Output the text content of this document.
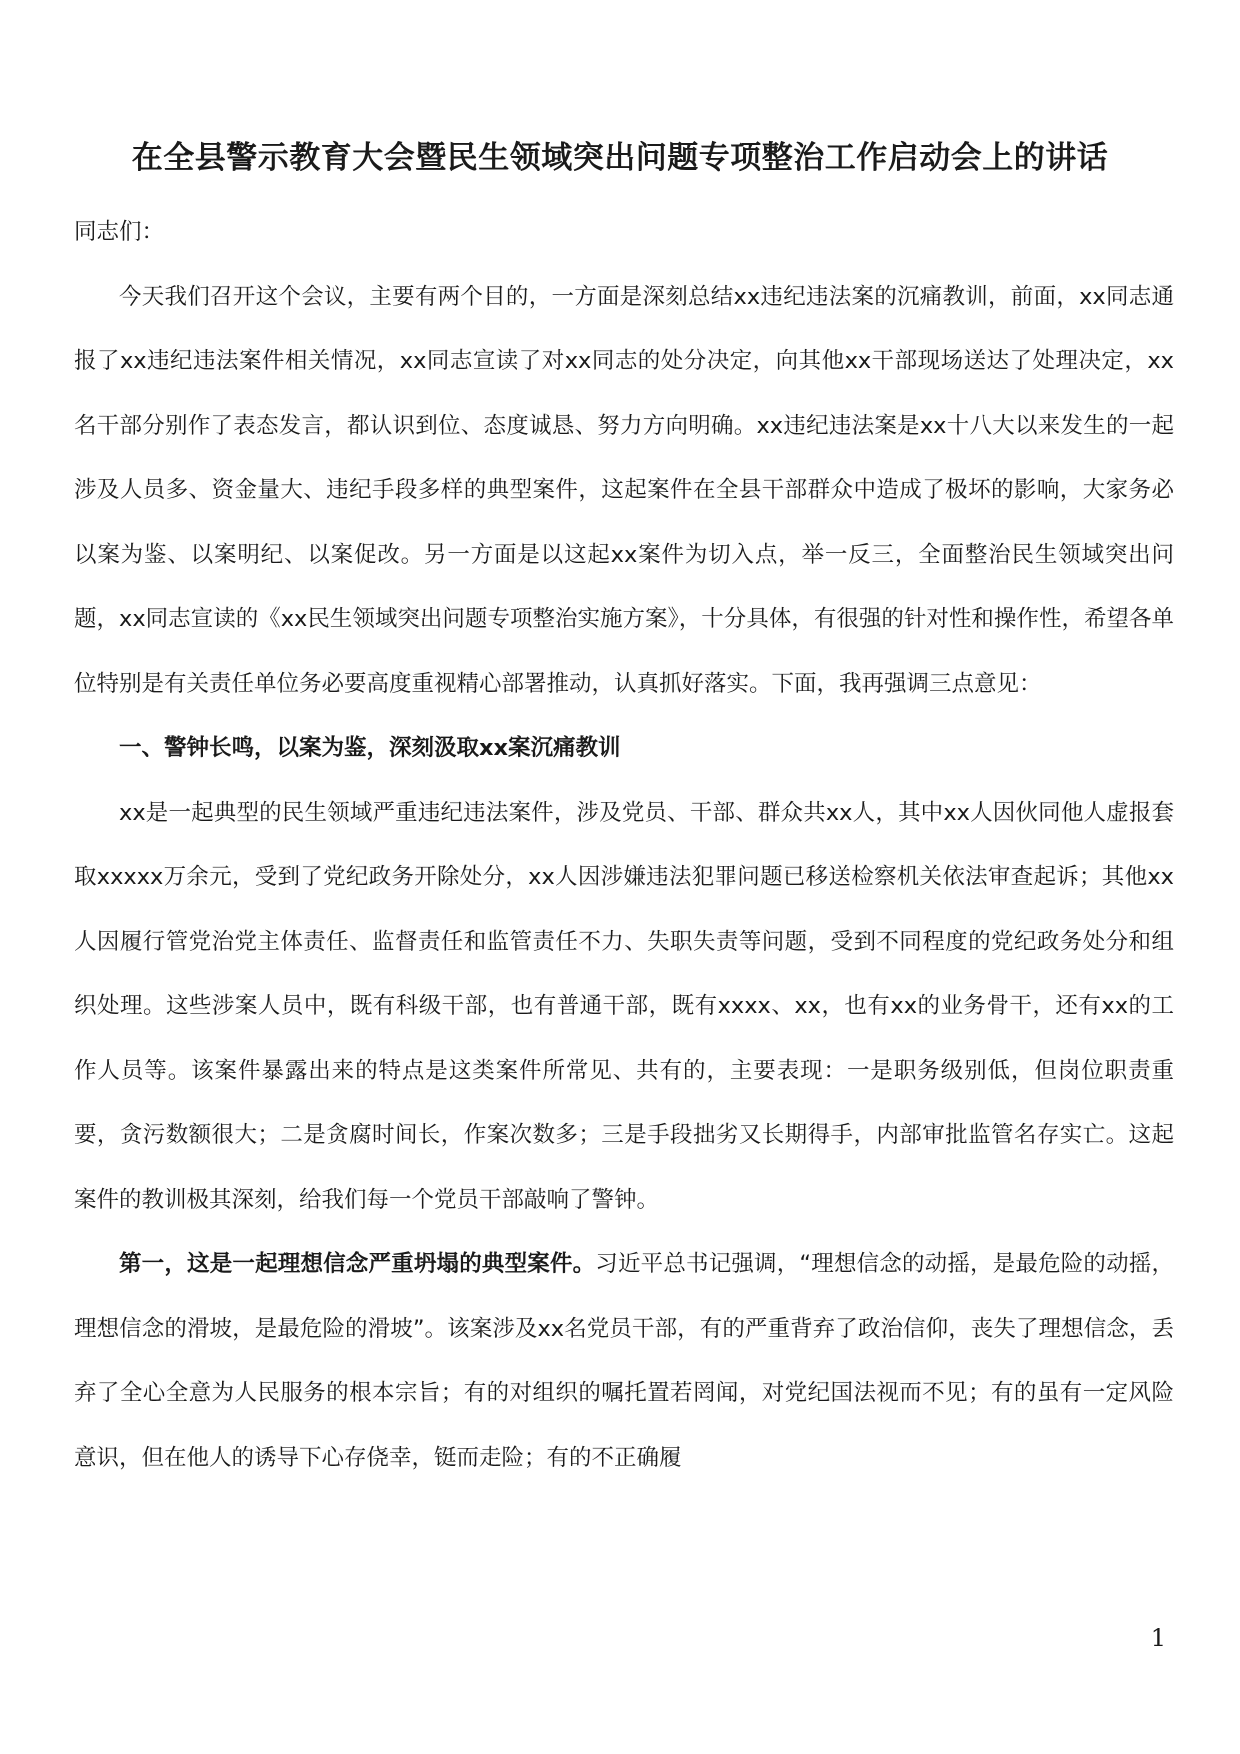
在全县警示教育大会暨民生领域突出问题专项整治工作启动会上的讲话

同志们：

今天我们召开这个会议，主要有两个目的，一方面是深刻总结xx违纪违法案的沉痛教训，前面，xx同志通报了xx违纪违法案件相关情况，xx同志宣读了对xx同志的处分决定，向其他xx干部现场送达了处理决定，xx名干部分别作了表态发言，都认识到位、态度诚恳、努力方向明确。xx违纪违法案是xx十八大以来发生的一起涉及人员多、资金量大、违纪手段多样的典型案件，这起案件在全县干部群众中造成了极坏的影响，大家务必以案为鉴、以案明纪、以案促改。另一方面是以这起xx案件为切入点，举一反三，全面整治民生领域突出问题，xx同志宣读的《xx民生领域突出问题专项整治实施方案》，十分具体，有很强的针对性和操作性，希望各单位特别是有关责任单位务必要高度重视精心部署推动，认真抓好落实。下面，我再强调三点意见：

一、警钟长鸣，以案为鉴，深刻汲取xx案沉痛教训

xx是一起典型的民生领域严重违纪违法案件，涉及党员、干部、群众共xx人，其中xx人因伙同他人虚报套取xxxxx万余元，受到了党纪政务开除处分，xx人因涉嫌违法犯罪问题已移送检察机关依法审查起诉；其他xx人因履行管党治党主体责任、监督责任和监管责任不力、失职失责等问题，受到不同程度的党纪政务处分和组织处理。这些涉案人员中，既有科级干部，也有普通干部，既有xxxx、xx，也有xx的业务骨干，还有xx的工作人员等。该案件暴露出来的特点是这类案件所常见、共有的，主要表现：一是职务级别低，但岗位职责重要，贪污数额很大；二是贪腐时间长，作案次数多；三是手段拙劣又长期得手，内部审批监管名存实亡。这起案件的教训极其深刻，给我们每一个党员干部敲响了警钟。

第一，这是一起理想信念严重坍塌的典型案件。习近平总书记强调，“理想信念的动摇，是最危险的动摇，理想信念的滑坡，是最危险的滑坡”。该案涉及xx名党员干部，有的严重背弃了政治信仰，丧失了理想信念，丢弃了全心全意为人民服务的根本宗旨；有的对组织的嘱托置若罔闻，对党纪国法视而不见；有的虽有一定风险意识，但在他人的诱导下心存侥幸，铤而走险；有的不正确履

1
